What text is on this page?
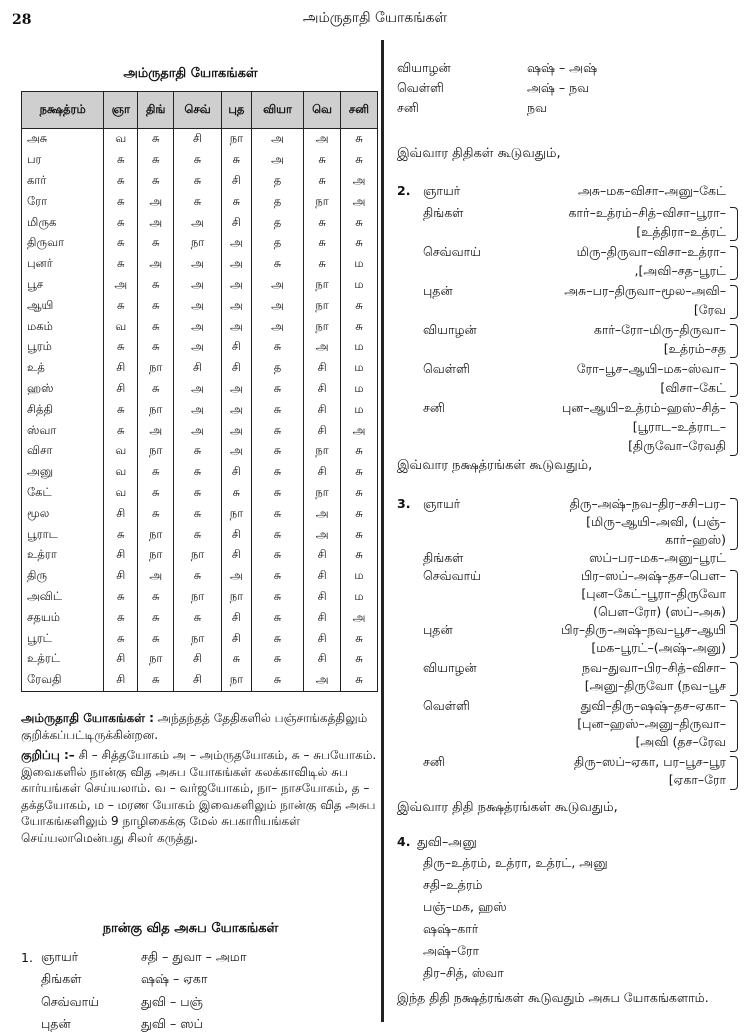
28	அம்ருதாதி யோகங்கள்
அம்ருதாதி யோகங்கள்
நக்ஷத்ரம்	ஞா	திங்	செவ்	புத	வியா	வெ	சனி
அசு	வ	சு	சி	நா	அ	அ	சு
பர	சு	சு	சு	சு	அ	சு	சு
கார்	சு	சு	சு	சி	த	சு	அ
ரோ	சு	அ	சு	சு	த	நா	அ
மிருக	சு	அ	அ	சி	த	சு	சு
திருவா	சு	சு	நா	அ	த	சு	சு
புனர்	சு	அ	அ	அ	சு	சு	ம
பூச	அ	சு	அ	அ	அ	நா	ம
ஆயி	சு	சு	அ	அ	அ	நா	சு
மகம்	வ	சு	அ	அ	அ	நா	சு
பூரம்	சு	சு	அ	சி	சு	அ	ம
உத்	சி	நா	சி	சி	த	சி	ம
ஹஸ்	சி	சு	அ	அ	சு	சி	ம
சித்தி	சு	நா	அ	அ	சு	சி	ம
ஸ்வா	சு	அ	அ	அ	சு	சி	அ
விசா	வ	நா	சு	அ	சு	நா	சு
அனு	வ	சு	சு	சி	சு	சி	சு
கேட்	வ	சு	சு	சு	சு	நா	சு
மூல	சி	சு	சு	நா	சு	அ	சு
பூராட	சு	நா	சு	சி	சு	அ	சு
உத்ரா	சி	நா	நா	சி	சு	சி	சு
திரு	சி	அ	சு	அ	சு	சி	ம
அவிட்	சு	சு	நா	நா	சு	சி	ம
சதயம்	சு	சு	சு	சி	சு	சி	அ
பூரட்	சு	சு	நா	சி	சு	சி	சு
உத்ரட்	சி	நா	சி	சு	சு	சி	சு
ரேவதி	சி	சு	சி	நா	சு	அ	சு

அம்ருதாதி யோகங்கள் : அந்தந்தத் தேதிகளில் பஞ்சாங்கத்திலும் குறிக்கப்பட்டிருக்கின்றன.

குறிப்பு :– சி – சித்தயோகம் அ – அம்ருதயோகம், சு – சுபயோகம். இவைகளில் நான்கு வித அசுப யோகங்கள் கலக்காவிடில் சுப கார்யங்கள் செய்யலாம். வ – வர்ஜயோகம், நா– நாசயோகம், த – தக்தயோகம், ம – மரண யோகம் இவைகளிலும் நான்கு வித அசுப யோகங்களிலும் 9 நாழிகைக்கு மேல் சுபகாரியங்கள் செய்யலாமென்பது சிலர் கருத்து.

நான்கு வித அசுப யோகங்கள்
1. ஞாயர்	சதி – துவா – அமா
திங்கள்	ஷஷ் – ஏகா
செவ்வாய்	துவி – பஞ்
புதன்	துவி – ஸப்
வியாழன்	ஷஷ் – அஷ்
வெள்ளி	அஷ் – நவ
சனி	நவ
இவ்வார திதிகள் கூடுவதும்,
2. ஞாயர்	அசு–மக–விசா–அனு–கேட்
திங்கள்	கார்–உத்ரம்–சித்–விசா–பூரா–
[உத்திரா–உத்ரட்
செவ்வாய்	மிரு–திருவா–விசா–உத்ரா–
,[அவி–சத–பூரட்
புதன்	அசு–பர–திருவா–மூல–அவி–
[ரேவ
வியாழன்	கார்–ரோ–மிரு–திருவா–
[உத்ரம்–சத
வெள்ளி	ரோ–பூச–ஆயி–மக–ஸ்வா–
[விசா–கேட்
சனி	புன–ஆயி–உத்ரம்–ஹஸ்–சித்–
[பூராட–உத்ராட–
[திருவோ–ரேவதி
இவ்வார நக்ஷத்ரங்கள் கூடுவதும்,
3. ஞாயர்	திரு–அஷ்–நவ–திர–சசி–பர–
[மிரு–ஆயி–அவி, (பஞ்–
கார்–ஹஸ்)
திங்கள்	ஸப்–பர–மக–அனு–பூரட்
செவ்வாய்	பிர–ஸப்–அஷ்–தச–பௌ–
[புன–கேட்–பூரா–திருவோ
(பௌ–ரோ) (ஸப்–அசு)
புதன்	பிர–திரு–அஷ்–நவ–பூச–ஆயி
[மக–பூரட்–(அஷ்–அனு)
வியாழன்	நவ–துவா–பிர–சித்–விசா–
[அனு–திருவோ (நவ–பூச
வெள்ளி	துவி–திரு–ஷஷ்–தச–ஏகா–
[புன–ஹஸ்–அனு–திருவா–
[அவி (தச–ரேவ
சனி	திரு–ஸப்–ஏகா, பர–பூச–பூர
[ஏகா–ரோ
இவ்வார திதி நக்ஷத்ரங்கள் கூடுவதும்,
4. துவி–அனு
திரு–உத்ரம், உத்ரா, உத்ரட், அனு
சதி–உத்ரம்
பஞ்–மக, ஹஸ்
ஷஷ்–கார்
அஷ்–ரோ
திர–சித், ஸ்வா
இந்த திதி நக்ஷத்ரங்கள் கூடுவதும் அசுப யோகங்களாம்.
